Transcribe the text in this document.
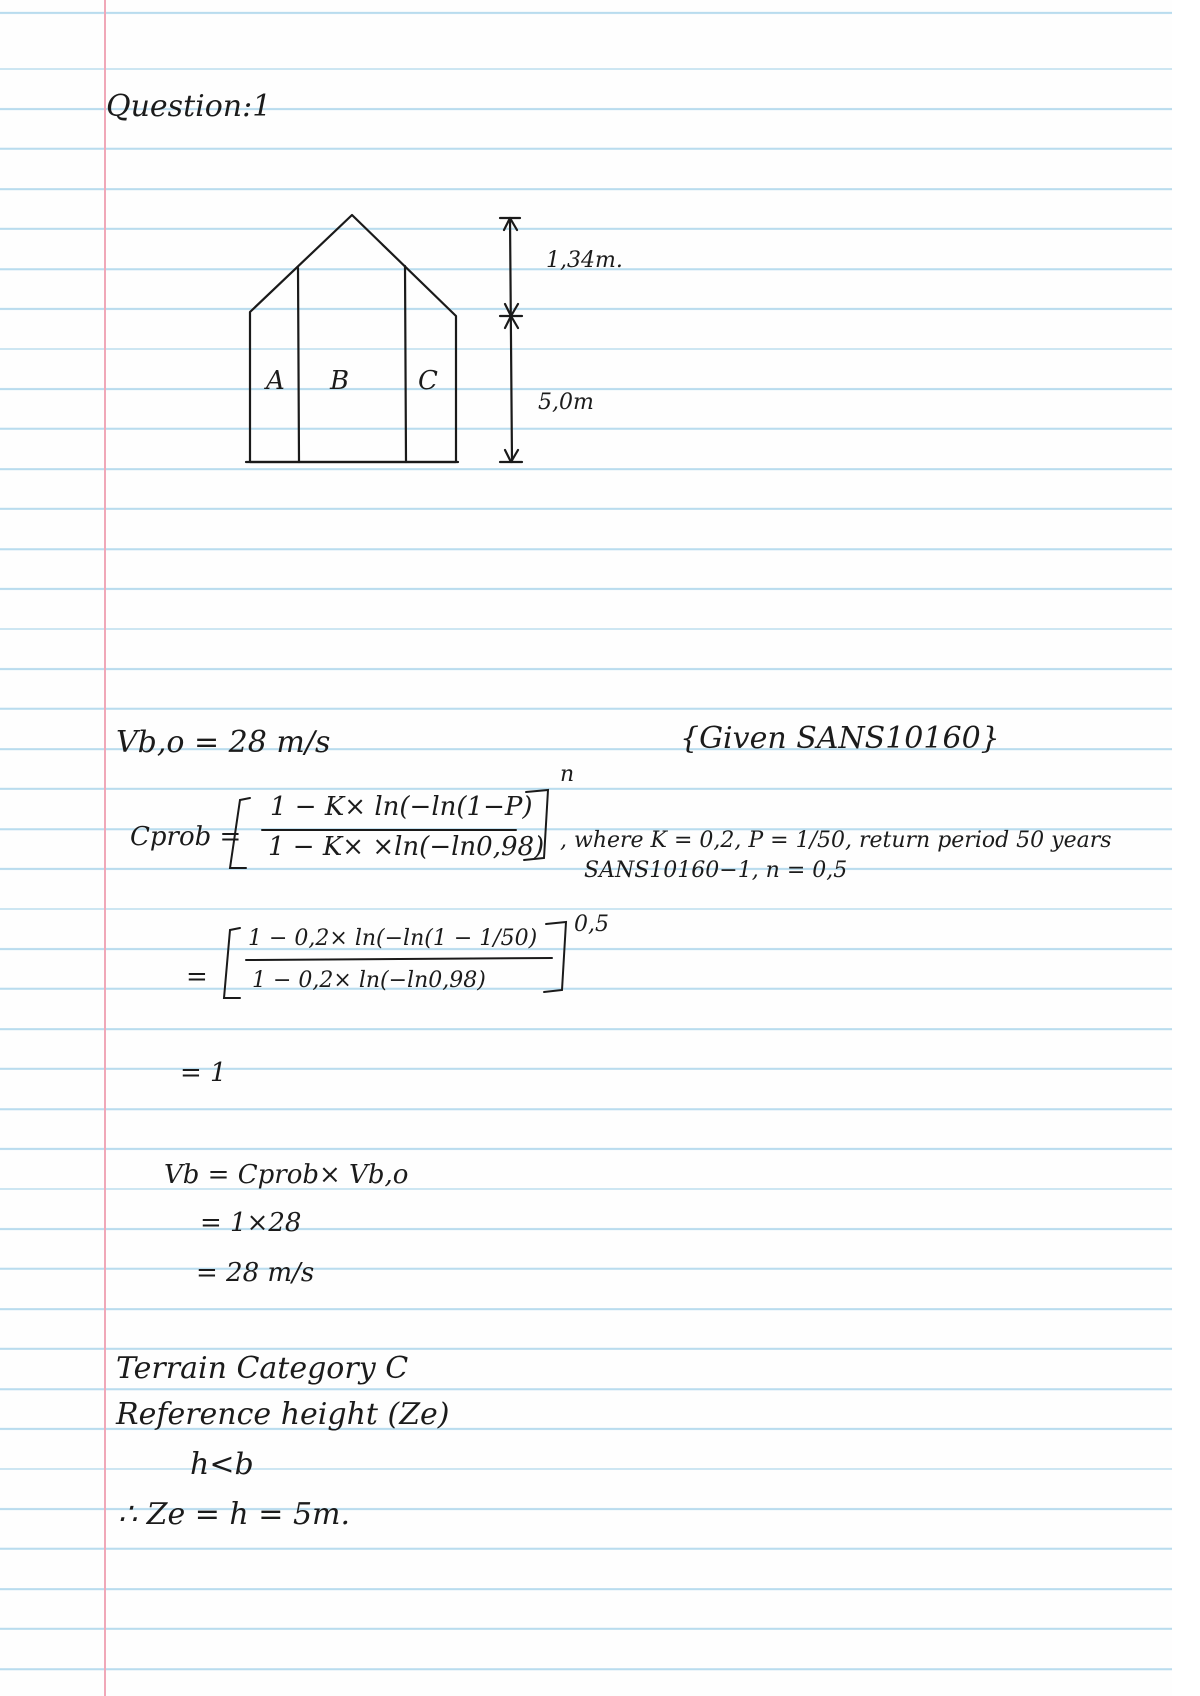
Question:1
A B	C
1,34m.
5,0m
Vb,o = 28 m/s	{Given SANS10160}
Cprob =
1 − K× ln(−ln(1−P)
1 − K× ×ln(−ln0,98)
n
, where K = 0,2, P = 1/50, return period 50 years
SANS10160−1, n = 0,5
=
1 − 0,2× ln(−ln(1 − 1/50)
1 − 0,2× ln(−ln0,98)
0,5
= 1
Vb = Cprob× Vb,o
= 1×28
= 28 m/s
Terrain Category C
Reference height (Ze)
h<b
∴ Ze = h = 5m.
